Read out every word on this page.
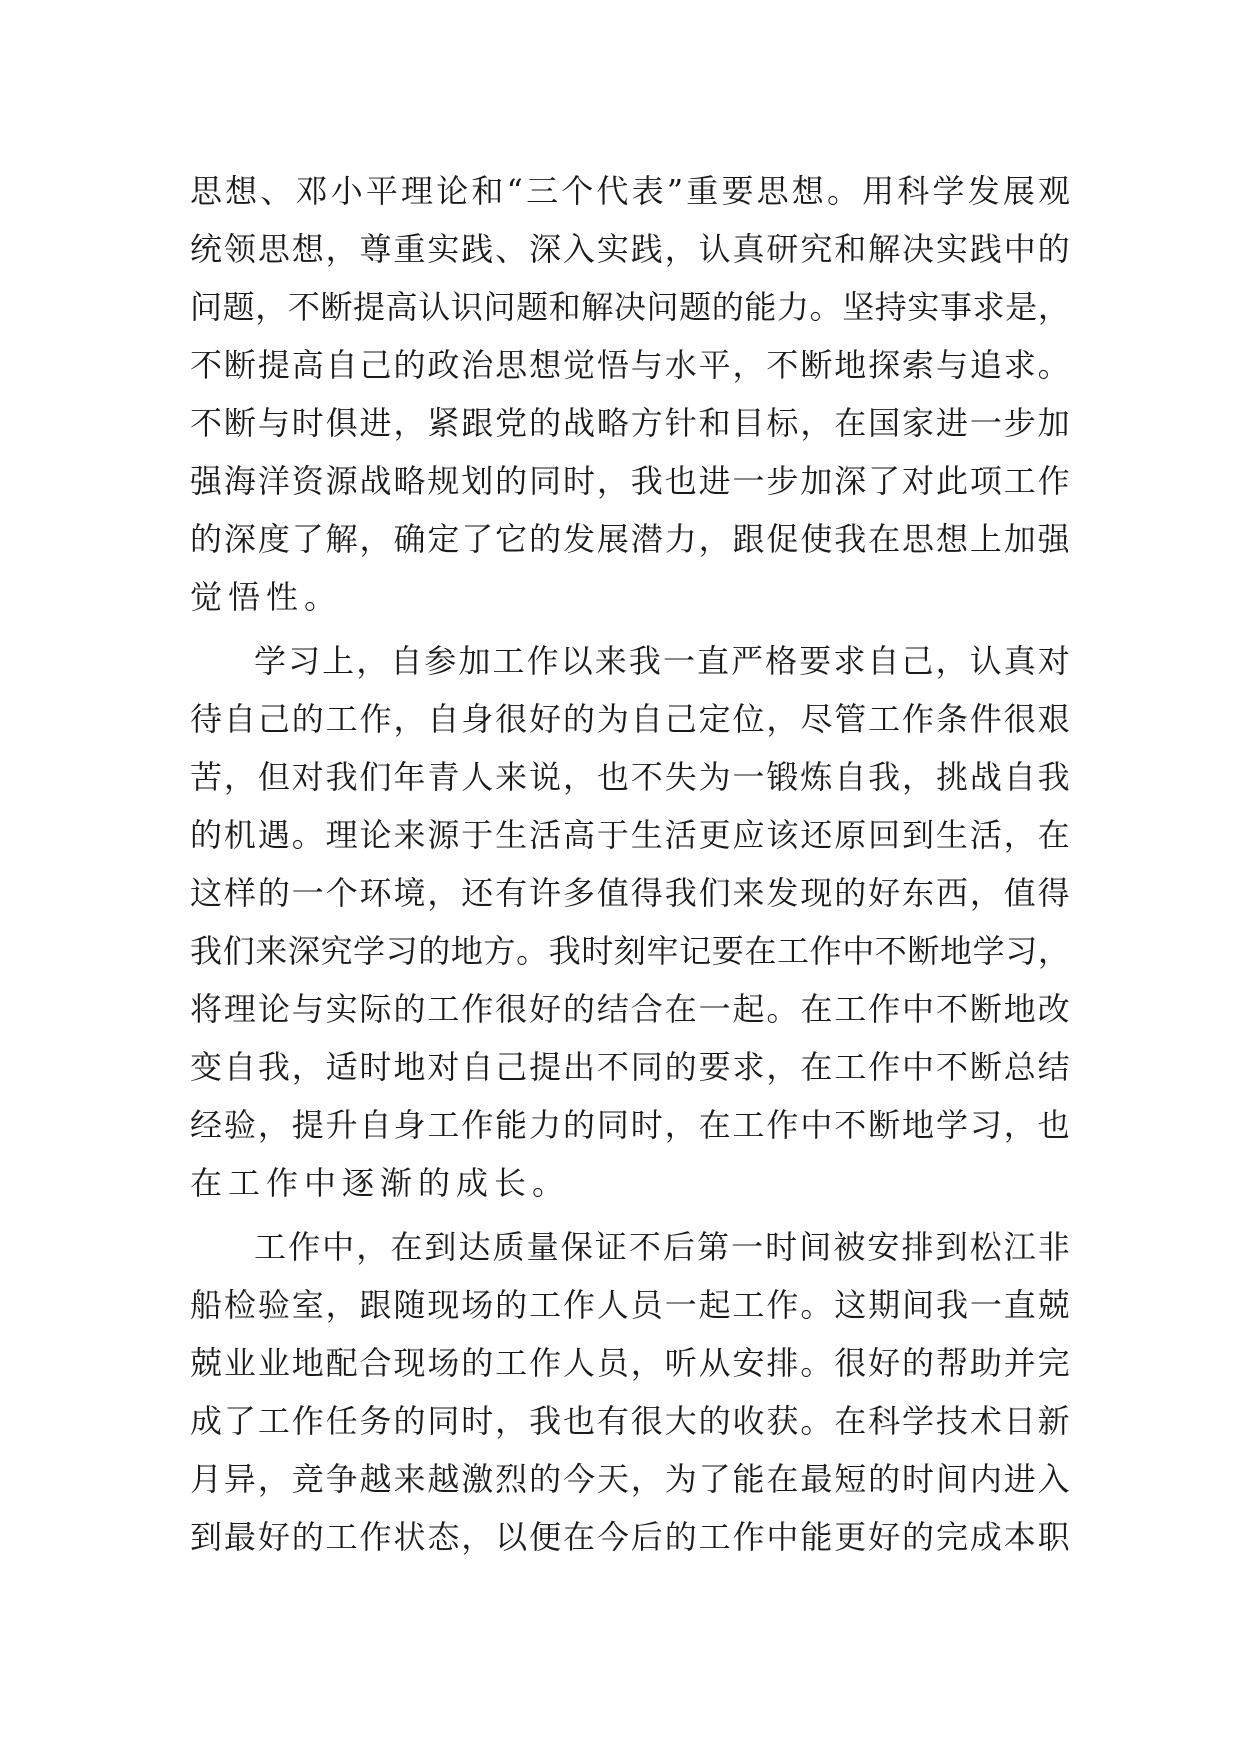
思 想 、 邓 小 平 理 论 和 “ 三 个 代 表 ” 重 要 思 想 。 用 科 学 发 展 观
统 领 思 想 ， 尊 重 实 践 、 深 入 实 践 ， 认 真 研 究 和 解 决 实 践 中 的
问 题 ， 不 断 提 高 认 识 问 题 和 解 决 问 题 的 能 力 。 坚 持 实 事 求 是 ，
不 断 提 高 自 己 的 政 治 思 想 觉 悟 与 水 平 ， 不 断 地 探 索 与 追 求 。
不 断 与 时 俱 进 ， 紧 跟 党 的 战 略 方 针 和 目 标 ， 在 国 家 进 一 步 加
强 海 洋 资 源 战 略 规 划 的 同 时 ， 我 也 进 一 步 加 深 了 对 此 项 工 作
的 深 度 了 解 ， 确 定 了 它 的 发 展 潜 力 ， 跟 促 使 我 在 思 想 上 加 强
觉悟性。
学 习 上 ， 自 参 加 工 作 以 来 我 一 直 严 格 要 求 自 己 ， 认 真 对
待 自 己 的 工 作 ， 自 身 很 好 的 为 自 己 定 位 ， 尽 管 工 作 条 件 很 艰
苦 ， 但 对 我 们 年 青 人 来 说 ， 也 不 失 为 一 锻 炼 自 我 ， 挑 战 自 我
的 机 遇 。 理 论 来 源 于 生 活 高 于 生 活 更 应 该 还 原 回 到 生 活 ， 在
这 样 的 一 个 环 境 ， 还 有 许 多 值 得 我 们 来 发 现 的 好 东 西 ， 值 得
我 们 来 深 究 学 习 的 地 方 。 我 时 刻 牢 记 要 在 工 作 中 不 断 地 学 习 ，
将 理 论 与 实 际 的 工 作 很 好 的 结 合 在 一 起 。 在 工 作 中 不 断 地 改
变 自 我 ， 适 时 地 对 自 己 提 出 不 同 的 要 求 ， 在 工 作 中 不 断 总 结
经 验 ， 提 升 自 身 工 作 能 力 的 同 时 ， 在 工 作 中 不 断 地 学 习 ， 也
在工作中逐渐的成长。
工 作 中 ， 在 到 达 质 量 保 证 不 后 第 一 时 间 被 安 排 到 松 江 非
船 检 验 室 ， 跟 随 现 场 的 工 作 人 员 一 起 工 作 。 这 期 间 我 一 直 兢
兢 业 业 地 配 合 现 场 的 工 作 人 员 ， 听 从 安 排 。 很 好 的 帮 助 并 完
成 了 工 作 任 务 的 同 时 ， 我 也 有 很 大 的 收 获 。 在 科 学 技 术 日 新
月 异 ， 竞 争 越 来 越 激 烈 的 今 天 ， 为 了 能 在 最 短 的 时 间 内 进 入
到 最 好 的 工 作 状 态 ， 以 便 在 今 后 的 工 作 中 能 更 好 的 完 成 本 职
